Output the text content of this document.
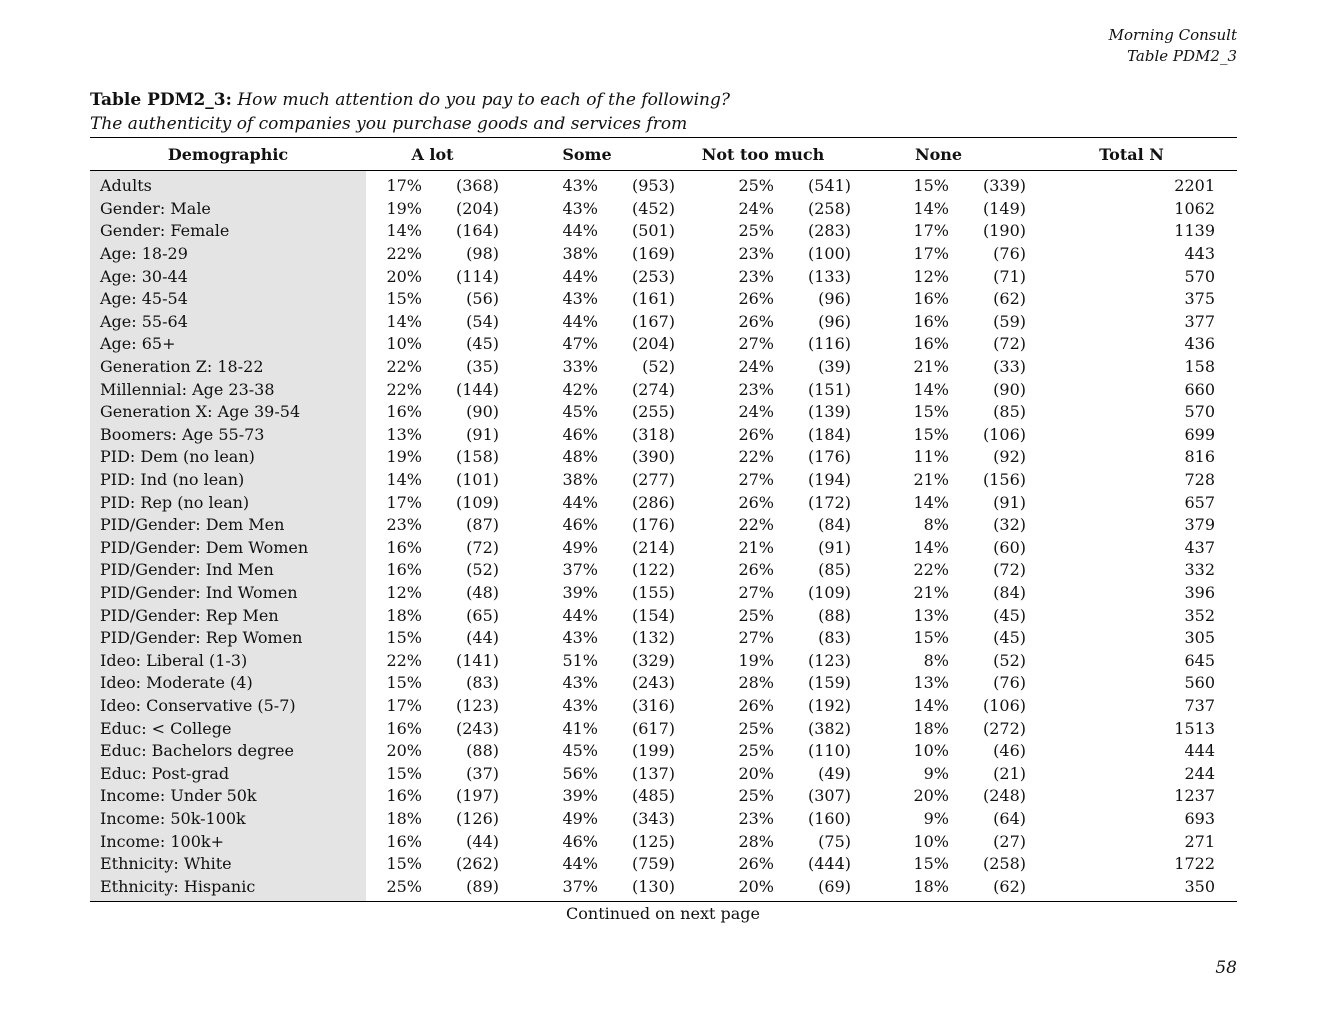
Morning Consult
Table PDM2_3
Table PDM2_3: How much attention do you pay to each of the following?
The authenticity of companies you purchase goods and services from
Demographic	A lot		Some		Not too much		None		Total N
Adults	17%	(368)	43%	(953)	25%	(541)	15%	(339)	2201
Gender: Male	19%	(204)	43%	(452)	24%	(258)	14%	(149)	1062
Gender: Female	14%	(164)	44%	(501)	25%	(283)	17%	(190)	1139
Age: 18-29	22%	(98)	38%	(169)	23%	(100)	17%	(76)	443
Age: 30-44	20%	(114)	44%	(253)	23%	(133)	12%	(71)	570
Age: 45-54	15%	(56)	43%	(161)	26%	(96)	16%	(62)	375
Age: 55-64	14%	(54)	44%	(167)	26%	(96)	16%	(59)	377
Age: 65+	10%	(45)	47%	(204)	27%	(116)	16%	(72)	436
Generation Z: 18-22	22%	(35)	33%	(52)	24%	(39)	21%	(33)	158
Millennial: Age 23-38	22%	(144)	42%	(274)	23%	(151)	14%	(90)	660
Generation X: Age 39-54	16%	(90)	45%	(255)	24%	(139)	15%	(85)	570
Boomers: Age 55-73	13%	(91)	46%	(318)	26%	(184)	15%	(106)	699
PID: Dem (no lean)	19%	(158)	48%	(390)	22%	(176)	11%	(92)	816
PID: Ind (no lean)	14%	(101)	38%	(277)	27%	(194)	21%	(156)	728
PID: Rep (no lean)	17%	(109)	44%	(286)	26%	(172)	14%	(91)	657
PID/Gender: Dem Men	23%	(87)	46%	(176)	22%	(84)	8%	(32)	379
PID/Gender: Dem Women	16%	(72)	49%	(214)	21%	(91)	14%	(60)	437
PID/Gender: Ind Men	16%	(52)	37%	(122)	26%	(85)	22%	(72)	332
PID/Gender: Ind Women	12%	(48)	39%	(155)	27%	(109)	21%	(84)	396
PID/Gender: Rep Men	18%	(65)	44%	(154)	25%	(88)	13%	(45)	352
PID/Gender: Rep Women	15%	(44)	43%	(132)	27%	(83)	15%	(45)	305
Ideo: Liberal (1-3)	22%	(141)	51%	(329)	19%	(123)	8%	(52)	645
Ideo: Moderate (4)	15%	(83)	43%	(243)	28%	(159)	13%	(76)	560
Ideo: Conservative (5-7)	17%	(123)	43%	(316)	26%	(192)	14%	(106)	737
Educ: < College	16%	(243)	41%	(617)	25%	(382)	18%	(272)	1513
Educ: Bachelors degree	20%	(88)	45%	(199)	25%	(110)	10%	(46)	444
Educ: Post-grad	15%	(37)	56%	(137)	20%	(49)	9%	(21)	244
Income: Under 50k	16%	(197)	39%	(485)	25%	(307)	20%	(248)	1237
Income: 50k-100k	18%	(126)	49%	(343)	23%	(160)	9%	(64)	693
Income: 100k+	16%	(44)	46%	(125)	28%	(75)	10%	(27)	271
Ethnicity: White	15%	(262)	44%	(759)	26%	(444)	15%	(258)	1722
Ethnicity: Hispanic	25%	(89)	37%	(130)	20%	(69)	18%	(62)	350
Continued on next page
58
